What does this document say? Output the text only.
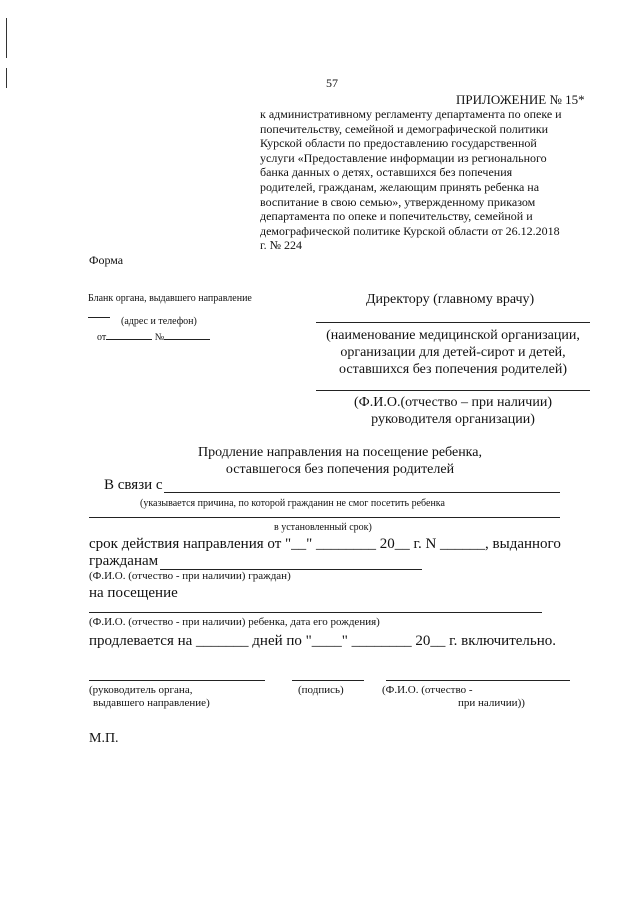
57
ПРИЛОЖЕНИЕ № 15*
к административному регламенту департамента по опеке и
попечительству, семейной и демографической политики
Курской области по предоставлению государственной
услуги «Предоставление информации из регионального
банка данных о детях, оставшихся без попечения
родителей, гражданам, желающим принять ребенка на
воспитание в свою семью», утвержденному приказом
департамента по опеке и попечительству, семейной и
демографической политике Курской области от 26.12.2018
г. № 224
Форма
Бланк органа, выдавшего направление
(адрес и телефон)
от	№
Директору (главному врачу)
(наименование медицинской организации,
организации для детей-сирот и детей,
оставшихся без попечения родителей)
(Ф.И.О.(отчество – при наличии)
руководителя организации)
Продление направления на посещение ребенка,
оставшегося без попечения родителей
В связи с
(указывается причина, по которой гражданин не смог посетить ребенка
в установленный срок)
срок действия направления от "__" ________ 20__ г. N ______, выданного
гражданам
(Ф.И.О. (отчество - при наличии) граждан)
на посещение
(Ф.И.О. (отчество - при наличии) ребенка, дата его рождения)
продлевается на _______ дней по "____" ________ 20__ г. включительно.
(руководитель органа,
выдавшего направление)
(подпись)	(Ф.И.О. (отчество -
при наличии))
М.П.
